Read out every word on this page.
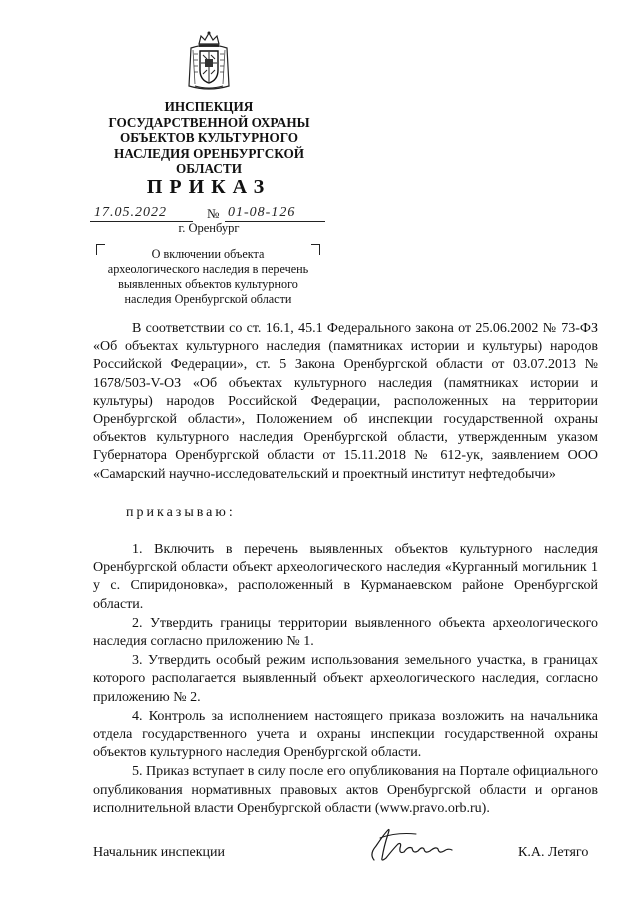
ИНСПЕКЦИЯ
ГОСУДАРСТВЕННОЙ ОХРАНЫ
ОБЪЕКТОВ КУЛЬТУРНОГО
НАСЛЕДИЯ ОРЕНБУРГСКОЙ
ОБЛАСТИ
ПРИКАЗ
17.05.2022	№ 01-08-126
г. Оренбург
О включении объекта
археологического наследия в перечень
выявленных объектов культурного
наследия Оренбургской области

В соответствии со ст. 16.1, 45.1 Федерального закона от 25.06.2002 № 73-ФЗ «Об объектах культурного наследия (памятниках истории и культуры) народов Российской Федерации», ст. 5 Закона Оренбургской области от 03.07.2013 № 1678/503-V-ОЗ «Об объектах культурного наследия (памятниках истории и культуры) народов Российской Федерации, расположенных на территории Оренбургской области», Положением об инспекции государственной охраны объектов культурного наследия Оренбургской области, утвержденным указом Губернатора Оренбургской области от 15.11.2018 № 612-ук, заявлением ООО «Самарский научно-исследовательский и проектный институт нефтедобычи»

приказываю:

1. Включить в перечень выявленных объектов культурного наследия Оренбургской области объект археологического наследия «Курганный могильник 1 у с. Спиридоновка», расположенный в Курманаевском районе Оренбургской области.

2. Утвердить границы территории выявленного объекта археологического наследия согласно приложению № 1.

3. Утвердить особый режим использования земельного участка, в границах которого располагается выявленный объект археологического наследия, согласно приложению № 2.

4. Контроль за исполнением настоящего приказа возложить на начальника отдела государственного учета и охраны инспекции государственной охраны объектов культурного наследия Оренбургской области.

5. Приказ вступает в силу после его опубликования на Портале официального опубликования нормативных правовых актов Оренбургской области и органов исполнительной власти Оренбургской области (www.pravo.orb.ru).

Начальник инспекции	К.А. Летяго
